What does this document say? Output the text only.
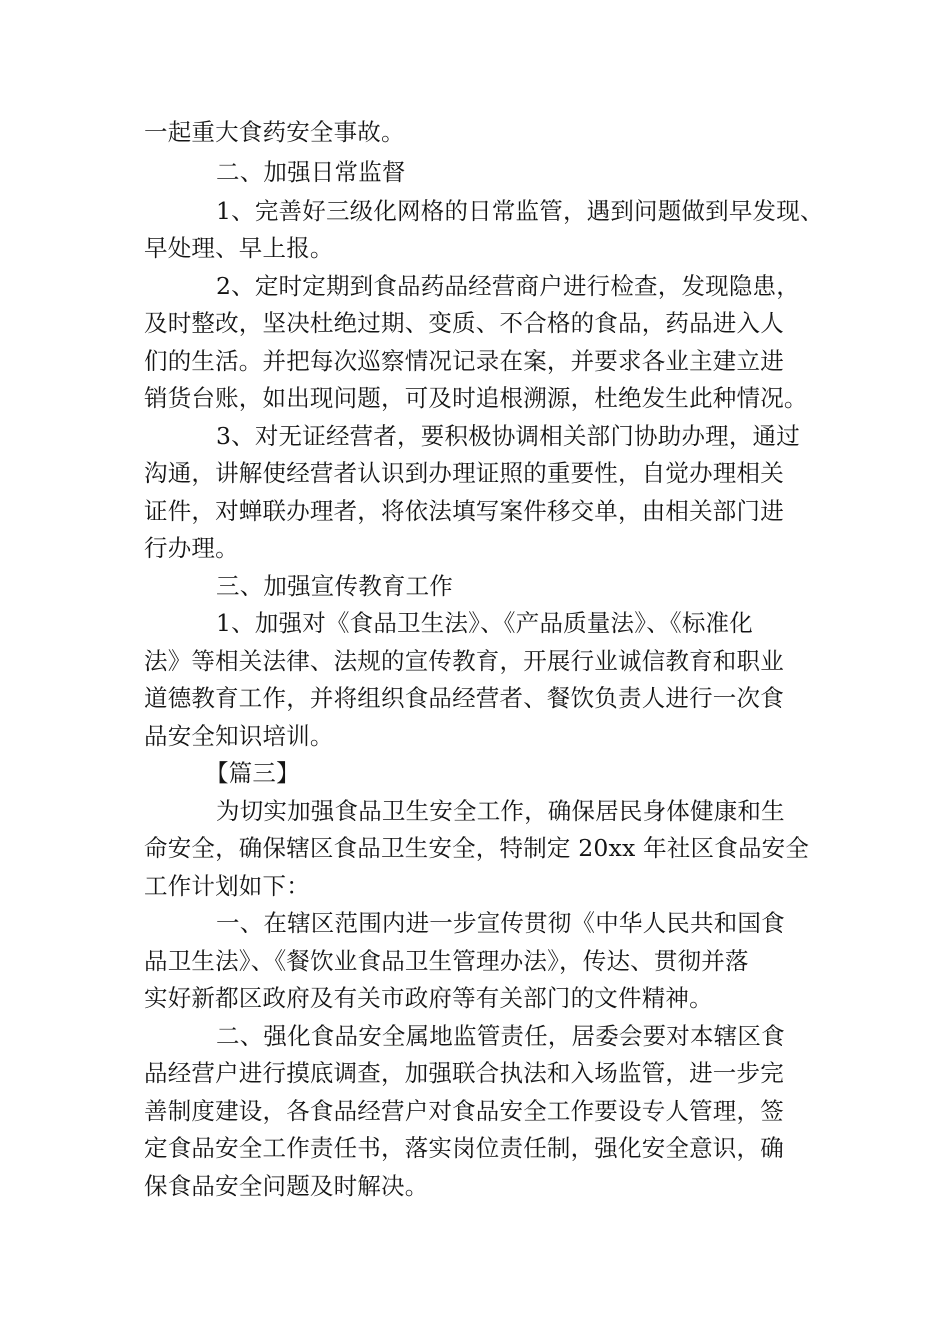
一起重大食药安全事故。
二、加强日常监督
1、完善好三级化网格的日常监管，遇到问题做到早发现、
早处理、早上报。
2、定时定期到食品药品经营商户进行检查，发现隐患，
及时整改，坚决杜绝过期、变质、不合格的食品，药品进入人
们的生活。并把每次巡察情况记录在案，并要求各业主建立进
销货台账，如出现问题，可及时追根溯源，杜绝发生此种情况。
3、对无证经营者，要积极协调相关部门协助办理，通过
沟通，讲解使经营者认识到办理证照的重要性，自觉办理相关
证件，对蝉联办理者，将依法填写案件移交单，由相关部门进
行办理。
三、加强宣传教育工作
1、加强对《食品卫生法》、《产品质量法》、《标准化
法》等相关法律、法规的宣传教育，开展行业诚信教育和职业
道德教育工作，并将组织食品经营者、餐饮负责人进行一次食
品安全知识培训。
【篇三】
为切实加强食品卫生安全工作，确保居民身体健康和生
命安全，确保辖区食品卫生安全，特制定 20xx 年社区食品安全
工作计划如下：
一、在辖区范围内进一步宣传贯彻《中华人民共和国食
品卫生法》、《餐饮业食品卫生管理办法》，传达、贯彻并落
实好新都区政府及有关市政府等有关部门的文件精神。
二、强化食品安全属地监管责任，居委会要对本辖区食
品经营户进行摸底调查，加强联合执法和入场监管，进一步完
善制度建设，各食品经营户对食品安全工作要设专人管理，签
定食品安全工作责任书，落实岗位责任制，强化安全意识，确
保食品安全问题及时解决。
